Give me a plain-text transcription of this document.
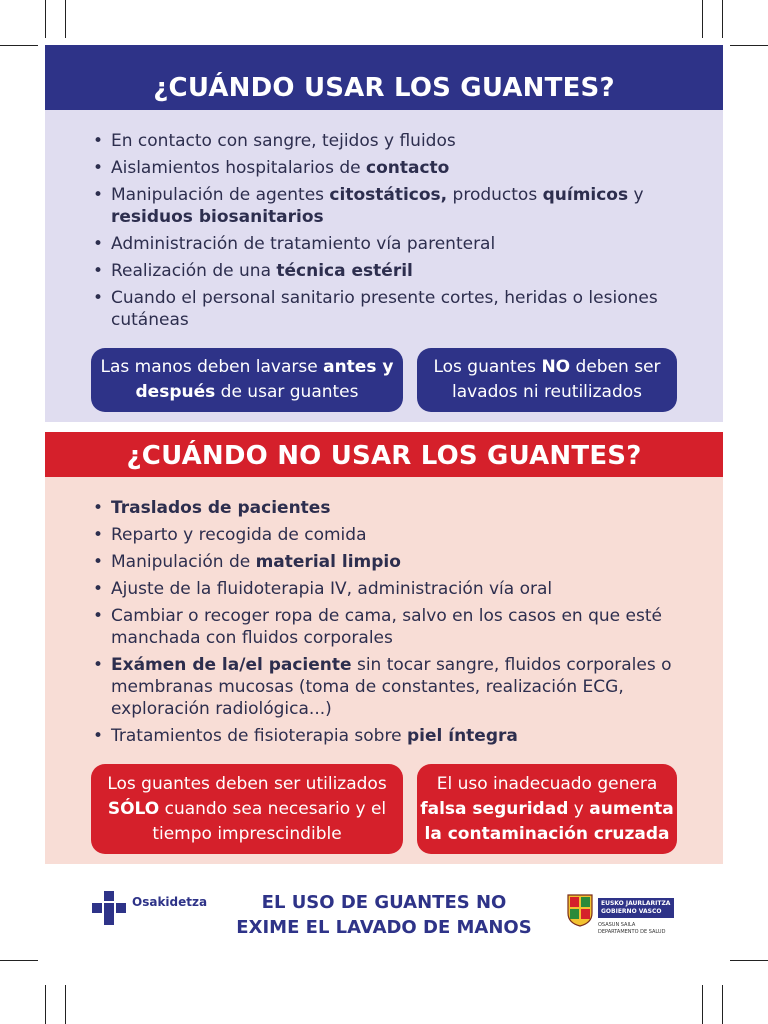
¿CUÁNDO USAR LOS GUANTES?
• En contacto con sangre, tejidos y fluidos
• Aislamientos hospitalarios de contacto
• Manipulación de agentes citostáticos, productos químicos y residuos biosanitarios
• Administración de tratamiento vía parenteral
• Realización de una técnica estéril
• Cuando el personal sanitario presente cortes, heridas o lesiones cutáneas
Las manos deben lavarse antes y después de usar guantes
Los guantes NO deben ser lavados ni reutilizados
¿CUÁNDO NO USAR LOS GUANTES?
• Traslados de pacientes
• Reparto y recogida de comida
• Manipulación de material limpio
• Ajuste de la fluidoterapia IV, administración vía oral
• Cambiar o recoger ropa de cama, salvo en los casos en que esté manchada con fluidos corporales
• Exámen de la/el paciente sin tocar sangre, fluidos corporales o membranas mucosas (toma de constantes, realización ECG, exploración radiológica...)
• Tratamientos de fisioterapia sobre piel íntegra
Los guantes deben ser utilizados SÓLO cuando sea necesario y el tiempo imprescindible
El uso inadecuado genera falsa seguridad y aumenta la contaminación cruzada
Osakidetza	EL USO DE GUANTES NO
EXIME EL LAVADO DE MANOS
EUSKO JAURLARITZA
GOBIERNO VASCO
OSASUN SAILA
DEPARTAMENTO DE SALUD
